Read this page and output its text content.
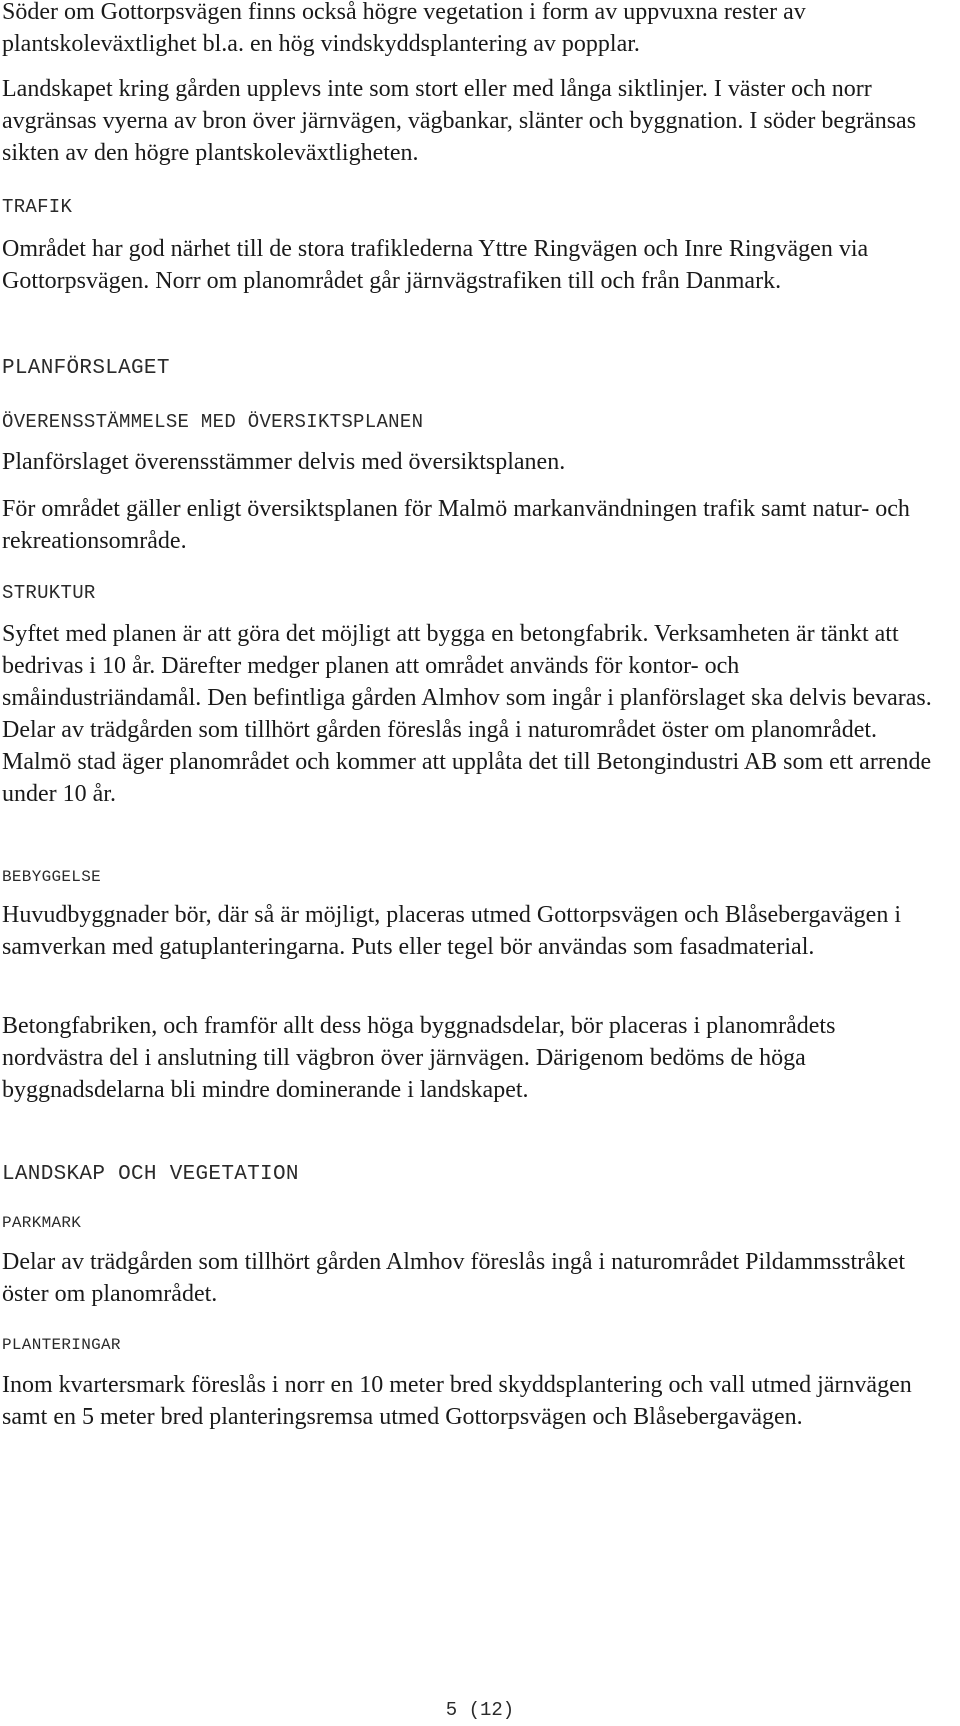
Söder om Gottorpsvägen finns också högre vegetation i form av uppvuxna rester av plantskoleväxtlighet bl.a. en hög vindskyddsplantering av popplar.

Landskapet kring gården upplevs inte som stort eller med långa siktlinjer. I väster och norr avgränsas vyerna av bron över järnvägen, vägbankar, slänter och byggnation. I söder begränsas sikten av den högre plantskoleväxtligheten.

TRAFIK

Området har god närhet till de stora trafiklederna Yttre Ringvägen och Inre Ringvägen via Gottorpsvägen. Norr om planområdet går järnvägstrafiken till och från Danmark.

PLANFÖRSLAGET

ÖVERENSSTÄMMELSE MED ÖVERSIKTSPLANEN

Planförslaget överensstämmer delvis med översiktsplanen.

För området gäller enligt översiktsplanen för Malmö markanvändningen trafik samt natur- och rekreationsområde.

STRUKTUR

Syftet med planen är att göra det möjligt att bygga en betongfabrik. Verksamheten är tänkt att bedrivas i 10 år. Därefter medger planen att området används för kontor- och småindustriändamål. Den befintliga gården Almhov som ingår i planförslaget ska delvis bevaras. Delar av trädgården som tillhört gården föreslås ingå i naturområdet öster om planområdet. Malmö stad äger planområdet och kommer att upplåta det till Betongindustri AB som ett arrende under 10 år.

BEBYGGELSE

Huvudbyggnader bör, där så är möjligt, placeras utmed Gottorpsvägen och Blåsebergavägen i samverkan med gatuplanteringarna. Puts eller tegel bör användas som fasadmaterial.

Betongfabriken, och framför allt dess höga byggnadsdelar, bör placeras i planområdets nordvästra del i anslutning till vägbron över järnvägen. Därigenom bedöms de höga byggnadsdelarna bli mindre dominerande i landskapet.

LANDSKAP OCH VEGETATION

PARKMARK

Delar av trädgården som tillhört gården Almhov föreslås ingå i naturområdet Pildammsstråket öster om planområdet.

PLANTERINGAR

Inom kvartersmark föreslås i norr en 10 meter bred skyddsplantering och vall utmed järnvägen samt en 5 meter bred planteringsremsa utmed Gottorpsvägen och Blåsebergavägen.

5 (12)
